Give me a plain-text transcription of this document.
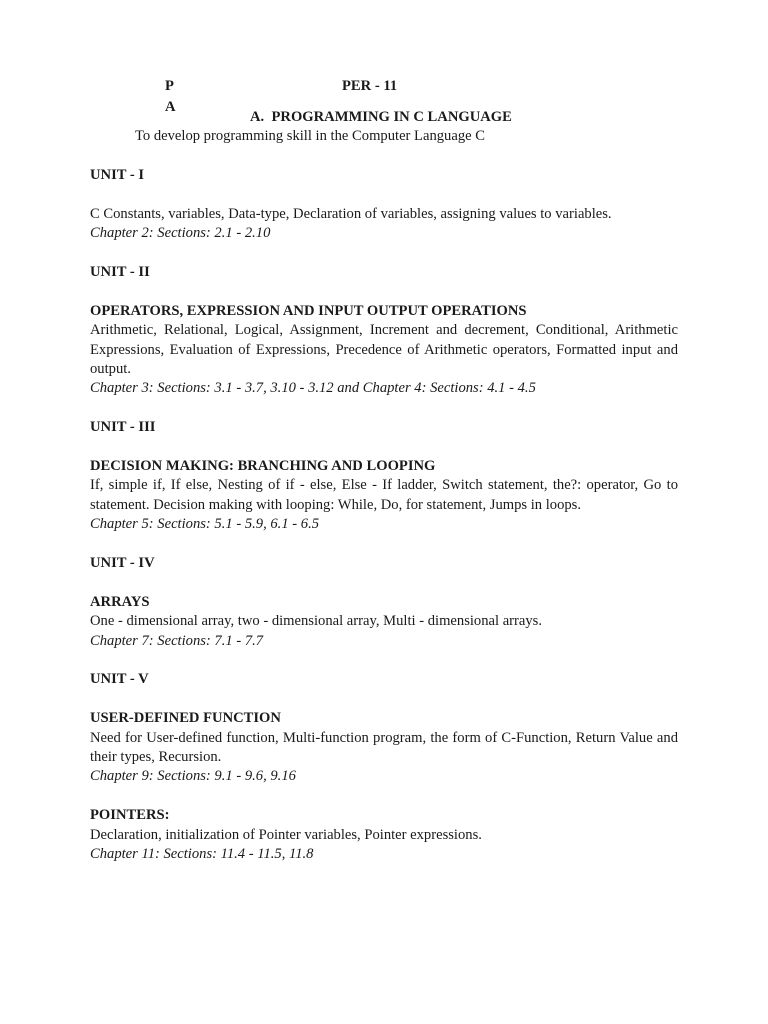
P
A
PER - 11
A.  PROGRAMMING IN C LANGUAGE
To develop programming skill in the Computer Language C

UNIT - I

C Constants, variables, Data-type, Declaration of variables, assigning values to variables.

Chapter 2: Sections: 2.1 - 2.10

UNIT - II

OPERATORS, EXPRESSION AND INPUT OUTPUT OPERATIONS

Arithmetic, Relational, Logical, Assignment, Increment and decrement, Conditional, Arithmetic Expressions, Evaluation of Expressions, Precedence of Arithmetic operators, Formatted input and output.

Chapter 3: Sections: 3.1 - 3.7, 3.10 - 3.12 and Chapter 4: Sections: 4.1 - 4.5

UNIT - III

DECISION MAKING: BRANCHING AND LOOPING

If, simple if, If else, Nesting of if - else, Else - If ladder, Switch statement, the?: operator, Go to statement. Decision making with looping: While, Do, for statement, Jumps in loops.

Chapter 5: Sections: 5.1 - 5.9, 6.1 - 6.5

UNIT - IV

ARRAYS

One - dimensional array, two - dimensional array, Multi - dimensional arrays.

Chapter 7: Sections: 7.1 - 7.7

UNIT - V

USER-DEFINED FUNCTION

Need for User-defined function, Multi-function program, the form of C-Function, Return Value and their types, Recursion.

Chapter 9: Sections: 9.1 - 9.6, 9.16

POINTERS:

Declaration, initialization of Pointer variables, Pointer expressions.

Chapter 11: Sections: 11.4 - 11.5, 11.8
